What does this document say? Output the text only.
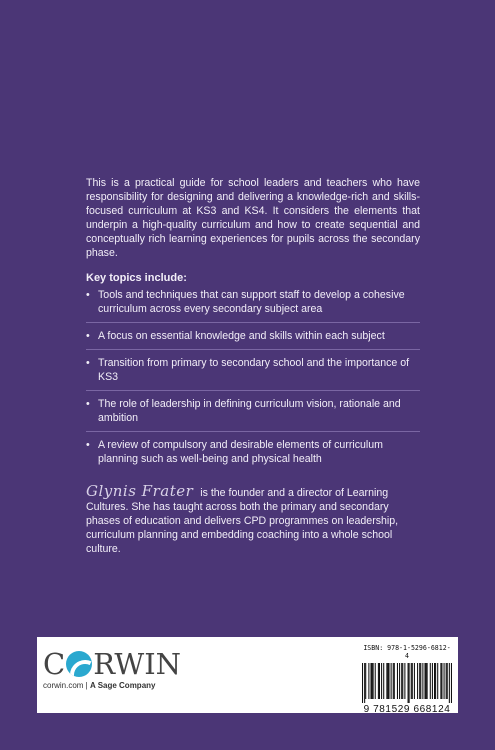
This is a practical guide for school leaders and teachers who have responsibility for designing and delivering a knowledge-rich and skills-focused curriculum at KS3 and KS4. It considers the elements that underpin a high-quality curriculum and how to create sequential and conceptually rich learning experiences for pupils across the secondary phase.

Key topics include:
• Tools and techniques that can support staff to develop a cohesive curriculum across every secondary subject area
• A focus on essential knowledge and skills within each subject
• Transition from primary to secondary school and the importance of KS3
• The role of leadership in defining curriculum vision, rationale and ambition
• A review of compulsory and desirable elements of curriculum planning such as well-being and physical health
Glynis Frater is the founder and a director of Learning Cultures. She has taught across both the primary and secondary phases of education and delivers CPD programmes on leadership, curriculum planning and embedding coaching into a whole school culture.
C RWIN
corwin.com | A Sage Company
ISBN: 978-1-5296-6812-4
9 781529 668124
